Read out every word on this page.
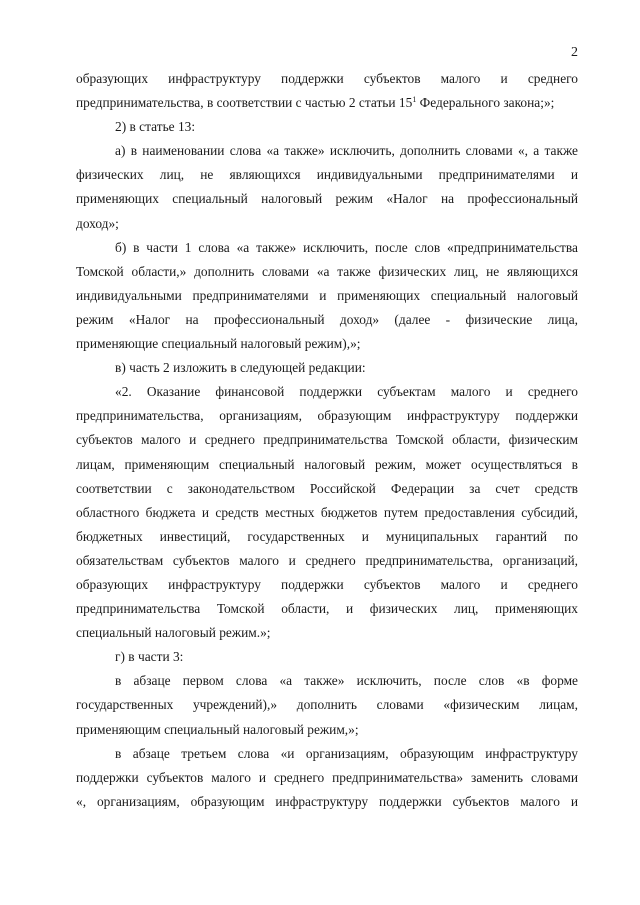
2
образующих инфраструктуру поддержки субъектов малого и среднего
предпринимательства, в соответствии с частью 2 статьи $15^1$ Федерального закона;»;
2) в статье 13:
а) в наименовании слова «а также» исключить, дополнить словами «, а также
физических лиц, не являющихся индивидуальными предпринимателями и
применяющих специальный налоговый режим «Налог на профессиональный
доход»;
б) в части 1 слова «а также» исключить, после слов «предпринимательства
Томской области,» дополнить словами «а также физических лиц, не являющихся
индивидуальными предпринимателями и применяющих специальный налоговый
режим «Налог на профессиональный доход» (далее - физические лица,
применяющие специальный налоговый режим),»;
в) часть 2 изложить в следующей редакции:
«2. Оказание финансовой поддержки субъектам малого и среднего
предпринимательства, организациям, образующим инфраструктуру поддержки
субъектов малого и среднего предпринимательства Томской области, физическим
лицам, применяющим специальный налоговый режим, может осуществляться в
соответствии с законодательством Российской Федерации за счет средств
областного бюджета и средств местных бюджетов путем предоставления субсидий,
бюджетных инвестиций, государственных и муниципальных гарантий по
обязательствам субъектов малого и среднего предпринимательства, организаций,
образующих инфраструктуру поддержки субъектов малого и среднего
предпринимательства Томской области, и физических лиц, применяющих
специальный налоговый режим.»;
г) в части 3:
в абзаце первом слова «а также» исключить, после слов «в форме
государственных учреждений),» дополнить словами «физическим лицам,
применяющим специальный налоговый режим,»;
в абзаце третьем слова «и организациям, образующим инфраструктуру
поддержки субъектов малого и среднего предпринимательства» заменить словами
«, организациям, образующим инфраструктуру поддержки субъектов малого и
